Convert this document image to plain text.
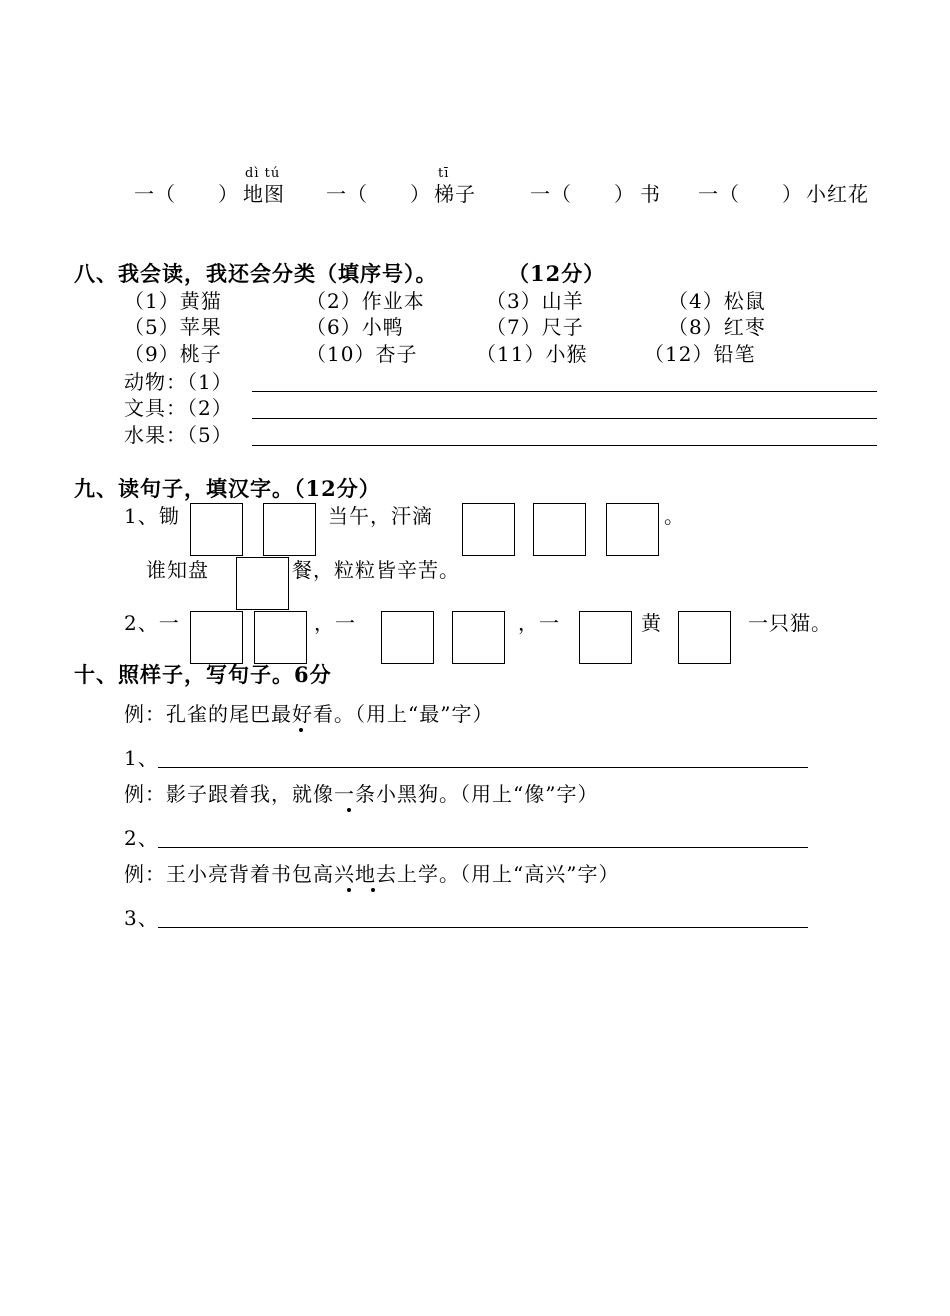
dì tú	tī
一（ ） 地图 一（ ） 梯子	一（ ） 书 一（ ） 小红花
八、我会读，我还会分类（填序号）。	（12分）
（1）黄猫	（2）作业本	（3）山羊	（4）松鼠
（5）苹果	（6）小鸭	（7）尺子	（8）红枣
（9）桃子	（10）杏子	（11）小猴	（12）铅笔
动物：（1）
文具：（2）
水果：（5）
九、读句子，填汉字。（12分）
1、锄	当午，汗滴	。
谁知盘	餐，粒粒皆辛苦。
2、一	，一	，一	黄	一只猫。
十、照样子，写句子。6分
例：孔雀的尾巴最好看。（用上“最”字）
1、
例：影子跟着我，就像一条小黑狗。（用上“像”字）
2、
例：王小亮背着书包高兴地去上学。（用上“高兴”字）
3、
